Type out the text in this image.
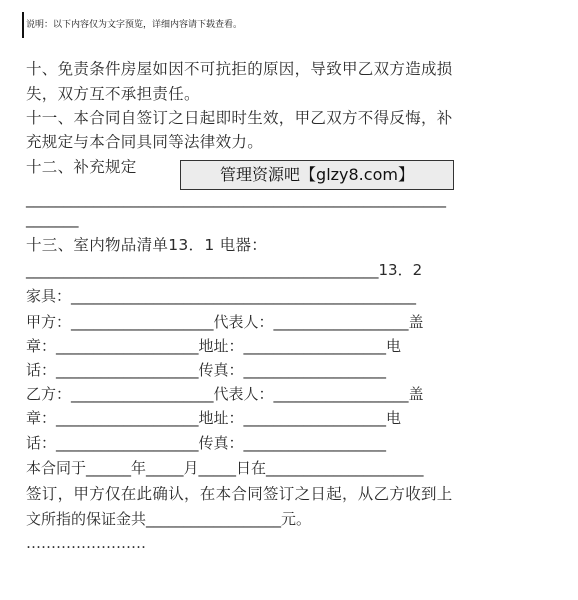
说明：以下内容仅为文字预览，详细内容请下载查看。
十、免责条件房屋如因不可抗拒的原因，导致甲乙双方造成损
失，双方互不承担责任。
十一、本合同自签订之日起即时生效，甲乙双方不得反悔，补
充规定与本合同具同等法律效力。
十二、补充规定	管理资源吧【glzy8.com】
________________________________________________________
_______
十三、室内物品清单13．1 电器：
_______________________________________________13．2
家具：______________________________________________
甲方：___________________代表人：__________________盖
章：___________________地址：___________________电
话：___________________传真：___________________
乙方：___________________代表人：__________________盖
章：___________________地址：___________________电
话：___________________传真：___________________
本合同于______年_____月_____日在_____________________
签订，甲方仅在此确认，在本合同签订之日起，从乙方收到上
文所指的保证金共__________________元。
……………………
